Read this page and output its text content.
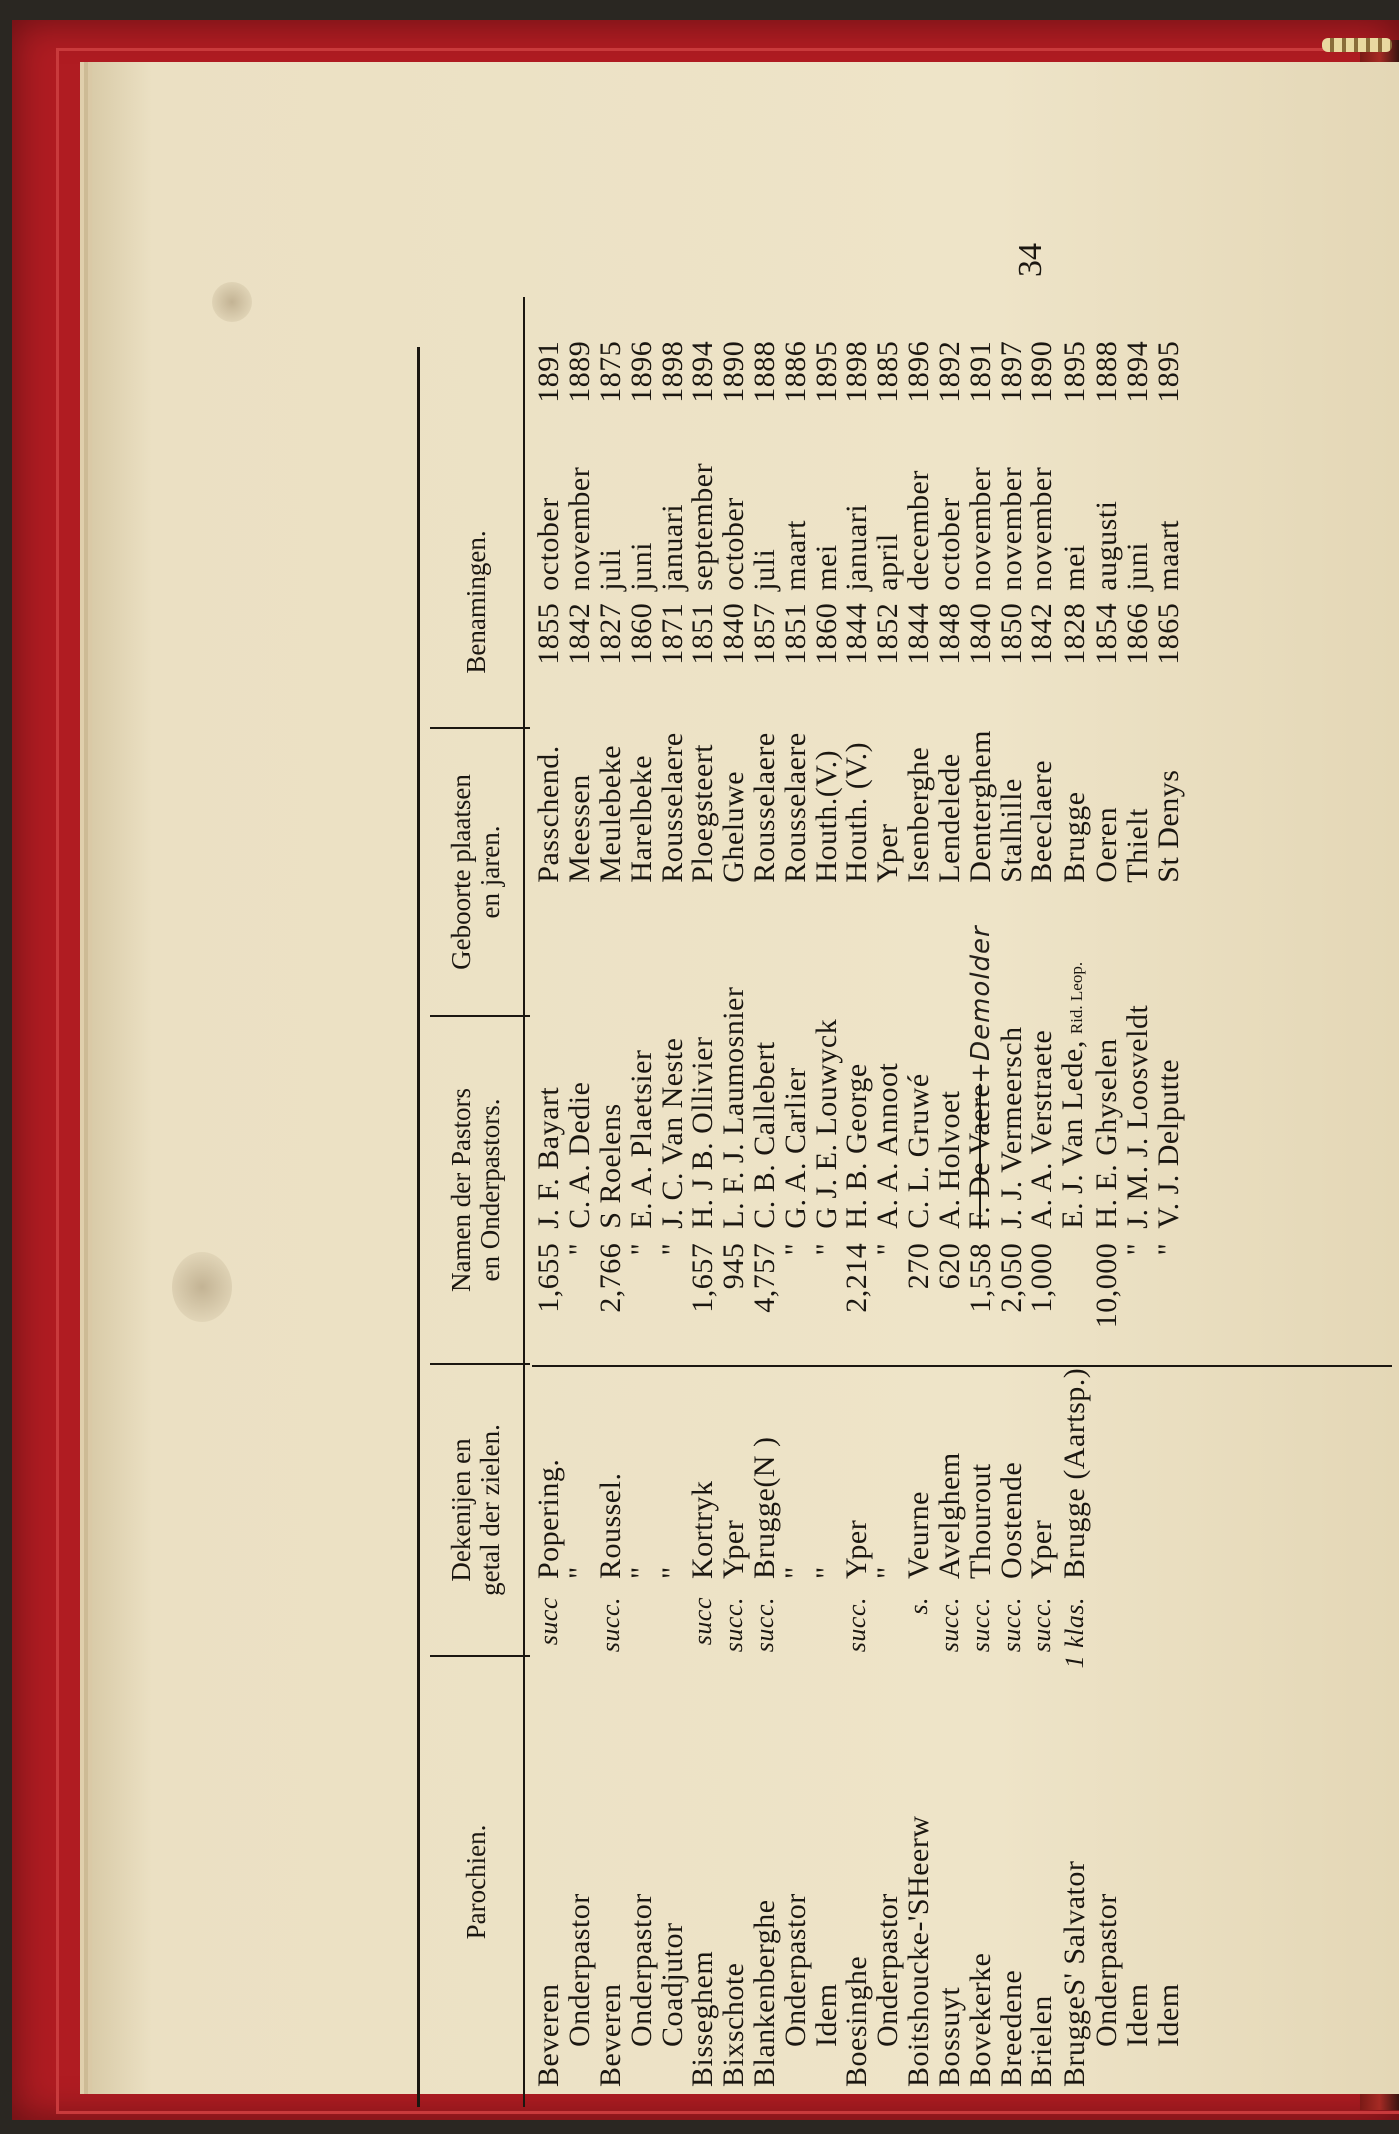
34
Parochien.
Dekenijen en getal der zielen.
Namen der Pastors en Onderpastors.
Geboorte plaatsen en jaren.
Benamingen.
Beveren	succ	Popering.	1,655	J. F. Bayart	Passchend.	1855	october	1891
Onderpastor		"	"	C. A. Dedie	Meessen	1842	november	1889
Beveren	succ.	Roussel.	2,766	S Roelens	Meulebeke	1827	juli	1875
Onderpastor		"	"	E. A. Plaetsier	Harelbeke	1860	juni	1896
Coadjutor		"	"	J. C. Van Neste	Rousselaere	1871	januari	1898
Bisseghem	succ	Kortryk	1,657	H. J B. Ollivier	Ploegsteert	1851	september	1894
Bixschote	succ.	Yper	945	L. F. J. Laumosnier	Gheluwe	1840	october	1890
Blankenberghe	succ.	Brugge(N )	4,757	C. B. Callebert	Rousselaere	1857	juli	1888
Onderpastor		"	"	G. A. Carlier	Rousselaere	1851	maart	1886
Idem		"	"	G J. E. Louwyck	Houth.(V.)	1860	mei	1895
Boesinghe	succ.	Yper	2,214	H. B. George	Houth. (V.)	1844	januari	1898
Onderpastor		"	"	A. A. Annoot	Yper	1852	april	1885
Boitshoucke-'SHeerw	s.	Veurne	270	C. L. Gruwé	Isenberghe	1844	december	1896
Bossuyt	succ.	Avelghem	620	A. Holvoet	Lendelede	1848	october	1892
Bovekerke	succ.	Thourout	1,558	F. De Vaere+Demolder	Denterghem	1840	november	1891
Breedene	succ.	Oostende	2,050	J. J. Vermeersch	Stalhille	1850	november	1897
Brielen	succ.	Yper	1,000	A. A. Verstraete	Beeclaere	1842	november	1890
BruggeS' Salvator	1 klas.	Brugge (Aartsp.)		E. J. Van Lede,Rid. Leop.	Brugge	1828	mei	1895
Onderpastor			10,000	H. E. Ghyselen	Oeren	1854	augusti	1888
Idem			"	J. M. J. Loosveldt	Thielt	1866	juni	1894
Idem			"	V. J. Delputte	St Denys	1865	maart	1895
